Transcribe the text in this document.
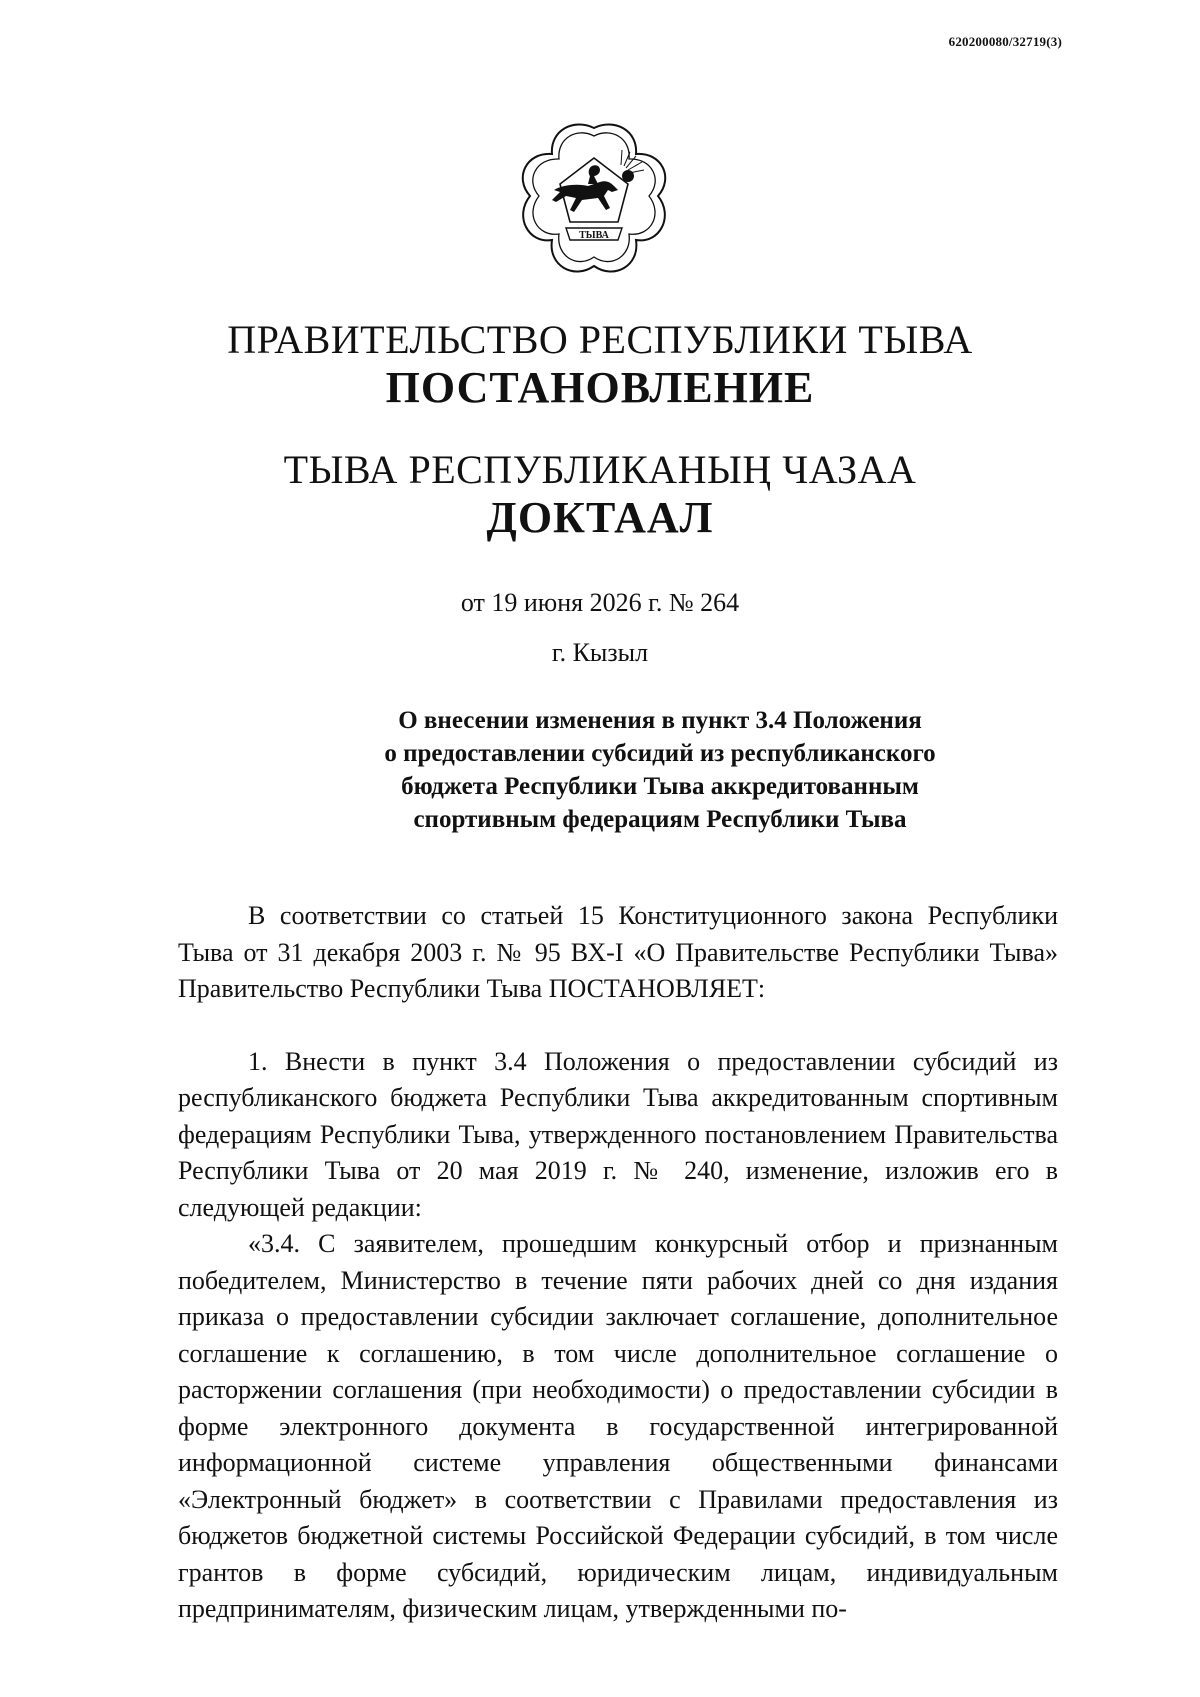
620200080/32719(3)
ТЫВА
ПРАВИТЕЛЬСТВО РЕСПУБЛИКИ ТЫВА
ПОСТАНОВЛЕНИЕ
ТЫВА РЕСПУБЛИКАНЫҢ ЧАЗАА
ДОКТААЛ
от 19 июня 2026 г. № 264
г. Кызыл
О внесении изменения в пункт 3.4 Положения
о предоставлении субсидий из республиканского
бюджета Республики Тыва аккредитованным
спортивным федерациям Республики Тыва

В соответствии со статьей 15 Конституционного закона Республики Тыва от 31 декабря 2003 г. № 95 ВХ-I «О Правительстве Республики Тыва» Правительство Республики Тыва ПОСТАНОВЛЯЕТ:

1. Внести в пункт 3.4 Положения о предоставлении субсидий из республиканского бюджета Республики Тыва аккредитованным спортивным федерациям Республики Тыва, утвержденного постановлением Правительства Республики Тыва от 20 мая 2019 г. № 240, изменение, изложив его в следующей редакции:

«3.4. С заявителем, прошедшим конкурсный отбор и признанным победителем, Министерство в течение пяти рабочих дней со дня издания приказа о предоставлении субсидии заключает соглашение, дополнительное соглашение к соглашению, в том числе дополнительное соглашение о расторжении соглашения (при необходимости) о предоставлении субсидии в форме электронного документа в государственной интегрированной информационной системе управления общественными финансами «Электронный бюджет» в соответствии с Правилами предоставления из бюджетов бюджетной системы Российской Федерации субсидий, в том числе грантов в форме субсидий, юридическим лицам, индивидуальным предпринимателям, физическим лицам, утвержденными по-
